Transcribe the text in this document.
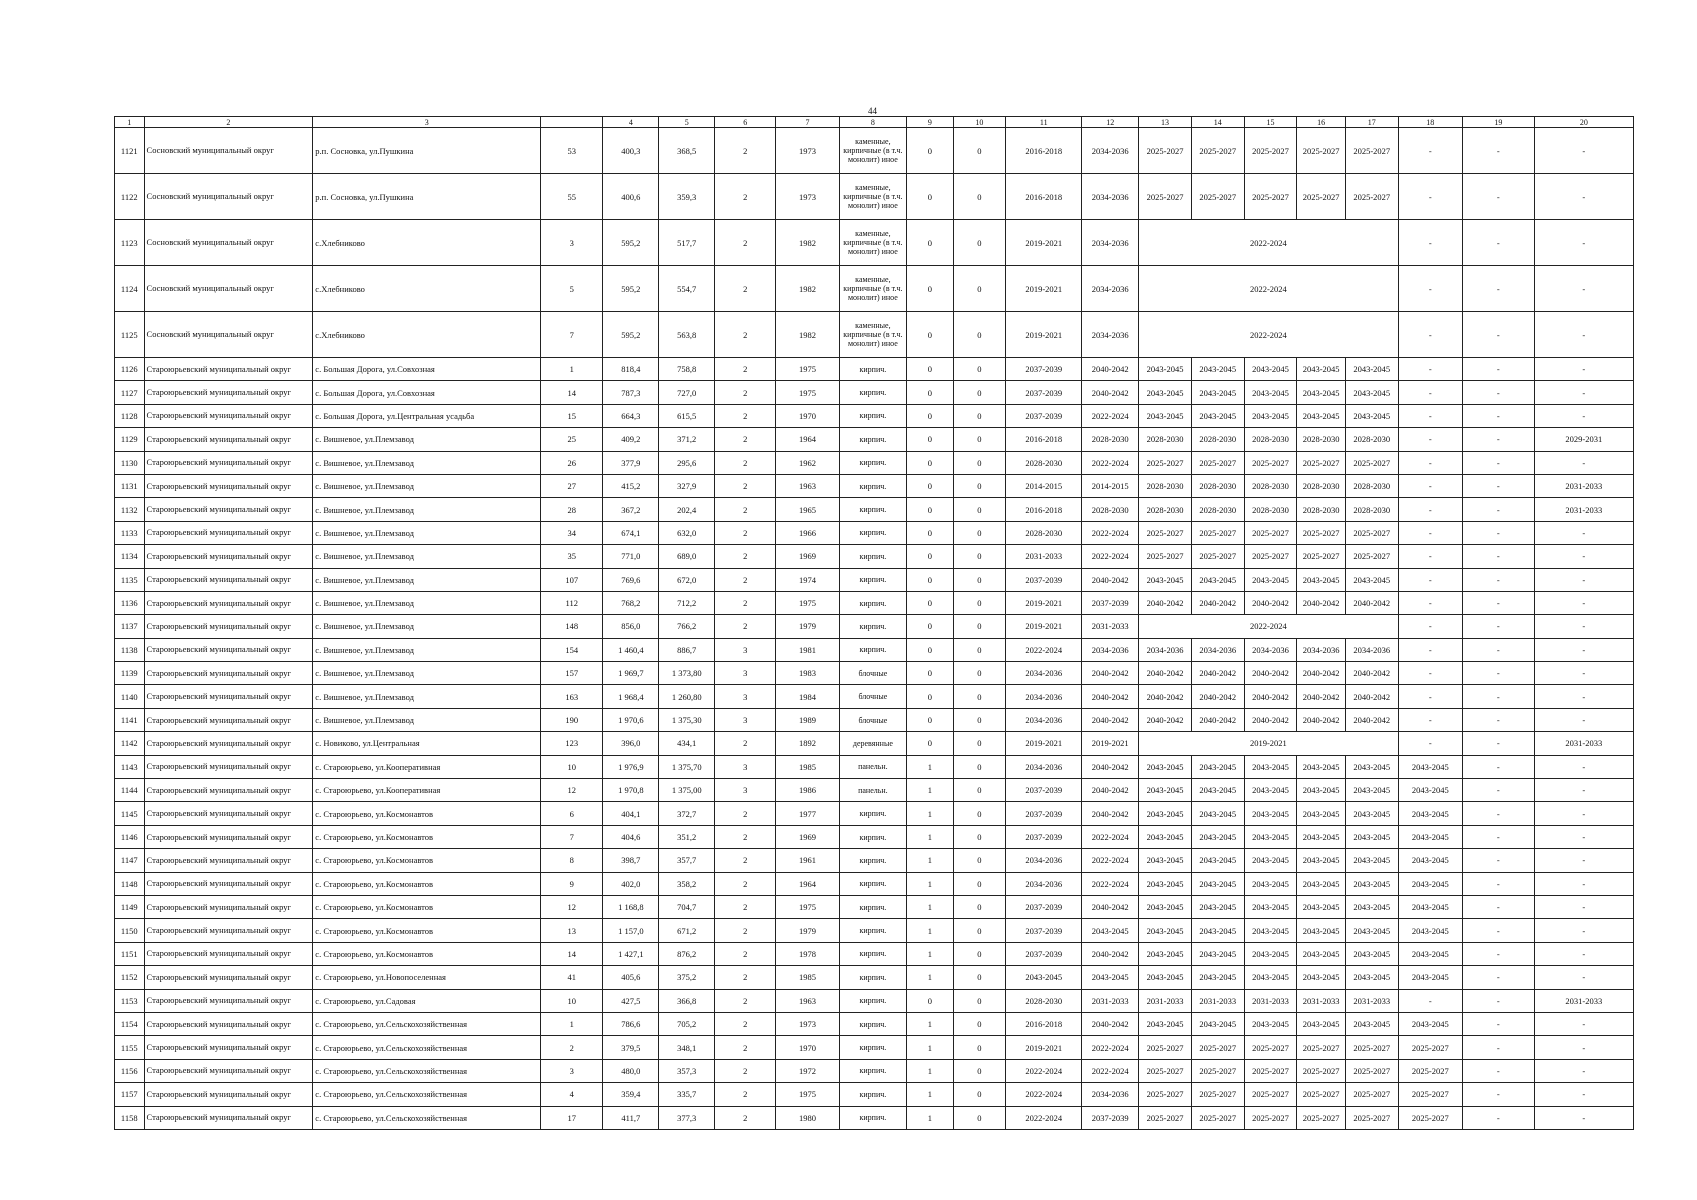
44
1	2	3		4	5	6	7	8	9	10	11	12	13	14	15	16	17	18	19	20
1121	Сосновский муниципальный округ	р.п. Сосновка, ул.Пушкина	53	400,3	368,5	2	1973	каменные, кирпичные (в т.ч. монолит) иное	0	0	2016-2018	2034-2036	2025-2027	2025-2027	2025-2027	2025-2027	2025-2027	-	-	-
1122	Сосновский муниципальный округ	р.п. Сосновка, ул.Пушкина	55	400,6	359,3	2	1973	каменные, кирпичные (в т.ч. монолит) иное	0	0	2016-2018	2034-2036	2025-2027	2025-2027	2025-2027	2025-2027	2025-2027	-	-	-
1123	Сосновский муниципальный округ	с.Хлебниково	3	595,2	517,7	2	1982	каменные, кирпичные (в т.ч. монолит) иное	0	0	2019-2021	2034-2036	2022-2024					-	-	-
1124	Сосновский муниципальный округ	с.Хлебниково	5	595,2	554,7	2	1982	каменные, кирпичные (в т.ч. монолит) иное	0	0	2019-2021	2034-2036	2022-2024					-	-	-
1125	Сосновский муниципальный округ	с.Хлебниково	7	595,2	563,8	2	1982	каменные, кирпичные (в т.ч. монолит) иное	0	0	2019-2021	2034-2036	2022-2024					-	-	-
1126	Староюрьевский муниципальный округ	с. Большая Дорога, ул.Совхозная	1	818,4	758,8	2	1975	кирпич.	0	0	2037-2039	2040-2042	2043-2045	2043-2045	2043-2045	2043-2045	2043-2045	-	-	-
1127	Староюрьевский муниципальный округ	с. Большая Дорога, ул.Совхозная	14	787,3	727,0	2	1975	кирпич.	0	0	2037-2039	2040-2042	2043-2045	2043-2045	2043-2045	2043-2045	2043-2045	-	-	-
1128	Староюрьевский муниципальный округ	с. Большая Дорога, ул.Центральная усадьба	15	664,3	615,5	2	1970	кирпич.	0	0	2037-2039	2022-2024	2043-2045	2043-2045	2043-2045	2043-2045	2043-2045	-	-	-
1129	Староюрьевский муниципальный округ	с. Вишневое, ул.Племзавод	25	409,2	371,2	2	1964	кирпич.	0	0	2016-2018	2028-2030	2028-2030	2028-2030	2028-2030	2028-2030	2028-2030	-	-	2029-2031
1130	Староюрьевский муниципальный округ	с. Вишневое, ул.Племзавод	26	377,9	295,6	2	1962	кирпич.	0	0	2028-2030	2022-2024	2025-2027	2025-2027	2025-2027	2025-2027	2025-2027	-	-	-
1131	Староюрьевский муниципальный округ	с. Вишневое, ул.Племзавод	27	415,2	327,9	2	1963	кирпич.	0	0	2014-2015	2014-2015	2028-2030	2028-2030	2028-2030	2028-2030	2028-2030	-	-	2031-2033
1132	Староюрьевский муниципальный округ	с. Вишневое, ул.Племзавод	28	367,2	202,4	2	1965	кирпич.	0	0	2016-2018	2028-2030	2028-2030	2028-2030	2028-2030	2028-2030	2028-2030	-	-	2031-2033
1133	Староюрьевский муниципальный округ	с. Вишневое, ул.Племзавод	34	674,1	632,0	2	1966	кирпич.	0	0	2028-2030	2022-2024	2025-2027	2025-2027	2025-2027	2025-2027	2025-2027	-	-	-
1134	Староюрьевский муниципальный округ	с. Вишневое, ул.Племзавод	35	771,0	689,0	2	1969	кирпич.	0	0	2031-2033	2022-2024	2025-2027	2025-2027	2025-2027	2025-2027	2025-2027	-	-	-
1135	Староюрьевский муниципальный округ	с. Вишневое, ул.Племзавод	107	769,6	672,0	2	1974	кирпич.	0	0	2037-2039	2040-2042	2043-2045	2043-2045	2043-2045	2043-2045	2043-2045	-	-	-
1136	Староюрьевский муниципальный округ	с. Вишневое, ул.Племзавод	112	768,2	712,2	2	1975	кирпич.	0	0	2019-2021	2037-2039	2040-2042	2040-2042	2040-2042	2040-2042	2040-2042	-	-	-
1137	Староюрьевский муниципальный округ	с. Вишневое, ул.Племзавод	148	856,0	766,2	2	1979	кирпич.	0	0	2019-2021	2031-2033	2022-2024					-	-	-
1138	Староюрьевский муниципальный округ	с. Вишневое, ул.Племзавод	154	1 460,4	886,7	3	1981	кирпич.	0	0	2022-2024	2034-2036	2034-2036	2034-2036	2034-2036	2034-2036	2034-2036	-	-	-
1139	Староюрьевский муниципальный округ	с. Вишневое, ул.Племзавод	157	1 969,7	1 373,80	3	1983	блочные	0	0	2034-2036	2040-2042	2040-2042	2040-2042	2040-2042	2040-2042	2040-2042	-	-	-
1140	Староюрьевский муниципальный округ	с. Вишневое, ул.Племзавод	163	1 968,4	1 260,80	3	1984	блочные	0	0	2034-2036	2040-2042	2040-2042	2040-2042	2040-2042	2040-2042	2040-2042	-	-	-
1141	Староюрьевский муниципальный округ	с. Вишневое, ул.Племзавод	190	1 970,6	1 375,30	3	1989	блочные	0	0	2034-2036	2040-2042	2040-2042	2040-2042	2040-2042	2040-2042	2040-2042	-	-	-
1142	Староюрьевский муниципальный округ	с. Новиково, ул.Центральная	123	396,0	434,1	2	1892	деревянные	0	0	2019-2021	2019-2021	2019-2021					-	-	2031-2033
1143	Староюрьевский муниципальный округ	с. Староюрьево, ул.Кооперативная	10	1 976,9	1 375,70	3	1985	панельн.	1	0	2034-2036	2040-2042	2043-2045	2043-2045	2043-2045	2043-2045	2043-2045	2043-2045	-	-
1144	Староюрьевский муниципальный округ	с. Староюрьево, ул.Кооперативная	12	1 970,8	1 375,00	3	1986	панельн.	1	0	2037-2039	2040-2042	2043-2045	2043-2045	2043-2045	2043-2045	2043-2045	2043-2045	-	-
1145	Староюрьевский муниципальный округ	с. Староюрьево, ул.Космонавтов	6	404,1	372,7	2	1977	кирпич.	1	0	2037-2039	2040-2042	2043-2045	2043-2045	2043-2045	2043-2045	2043-2045	2043-2045	-	-
1146	Староюрьевский муниципальный округ	с. Староюрьево, ул.Космонавтов	7	404,6	351,2	2	1969	кирпич.	1	0	2037-2039	2022-2024	2043-2045	2043-2045	2043-2045	2043-2045	2043-2045	2043-2045	-	-
1147	Староюрьевский муниципальный округ	с. Староюрьево, ул.Космонавтов	8	398,7	357,7	2	1961	кирпич.	1	0	2034-2036	2022-2024	2043-2045	2043-2045	2043-2045	2043-2045	2043-2045	2043-2045	-	-
1148	Староюрьевский муниципальный округ	с. Староюрьево, ул.Космонавтов	9	402,0	358,2	2	1964	кирпич.	1	0	2034-2036	2022-2024	2043-2045	2043-2045	2043-2045	2043-2045	2043-2045	2043-2045	-	-
1149	Староюрьевский муниципальный округ	с. Староюрьево, ул.Космонавтов	12	1 168,8	704,7	2	1975	кирпич.	1	0	2037-2039	2040-2042	2043-2045	2043-2045	2043-2045	2043-2045	2043-2045	2043-2045	-	-
1150	Староюрьевский муниципальный округ	с. Староюрьево, ул.Космонавтов	13	1 157,0	671,2	2	1979	кирпич.	1	0	2037-2039	2043-2045	2043-2045	2043-2045	2043-2045	2043-2045	2043-2045	2043-2045	-	-
1151	Староюрьевский муниципальный округ	с. Староюрьево, ул.Космонавтов	14	1 427,1	876,2	2	1978	кирпич.	1	0	2037-2039	2040-2042	2043-2045	2043-2045	2043-2045	2043-2045	2043-2045	2043-2045	-	-
1152	Староюрьевский муниципальный округ	с. Староюрьево, ул.Новопоселенная	41	405,6	375,2	2	1985	кирпич.	1	0	2043-2045	2043-2045	2043-2045	2043-2045	2043-2045	2043-2045	2043-2045	2043-2045	-	-
1153	Староюрьевский муниципальный округ	с. Староюрьево, ул.Садовая	10	427,5	366,8	2	1963	кирпич.	0	0	2028-2030	2031-2033	2031-2033	2031-2033	2031-2033	2031-2033	2031-2033	-	-	2031-2033
1154	Староюрьевский муниципальный округ	с. Староюрьево, ул.Сельскохозяйственная	1	786,6	705,2	2	1973	кирпич.	1	0	2016-2018	2040-2042	2043-2045	2043-2045	2043-2045	2043-2045	2043-2045	2043-2045	-	-
1155	Староюрьевский муниципальный округ	с. Староюрьево, ул.Сельскохозяйственная	2	379,5	348,1	2	1970	кирпич.	1	0	2019-2021	2022-2024	2025-2027	2025-2027	2025-2027	2025-2027	2025-2027	2025-2027	-	-
1156	Староюрьевский муниципальный округ	с. Староюрьево, ул.Сельскохозяйственная	3	480,0	357,3	2	1972	кирпич.	1	0	2022-2024	2022-2024	2025-2027	2025-2027	2025-2027	2025-2027	2025-2027	2025-2027	-	-
1157	Староюрьевский муниципальный округ	с. Староюрьево, ул.Сельскохозяйственная	4	359,4	335,7	2	1975	кирпич.	1	0	2022-2024	2034-2036	2025-2027	2025-2027	2025-2027	2025-2027	2025-2027	2025-2027	-	-
1158	Староюрьевский муниципальный округ	с. Староюрьево, ул.Сельскохозяйственная	17	411,7	377,3	2	1980	кирпич.	1	0	2022-2024	2037-2039	2025-2027	2025-2027	2025-2027	2025-2027	2025-2027	2025-2027	-	-
